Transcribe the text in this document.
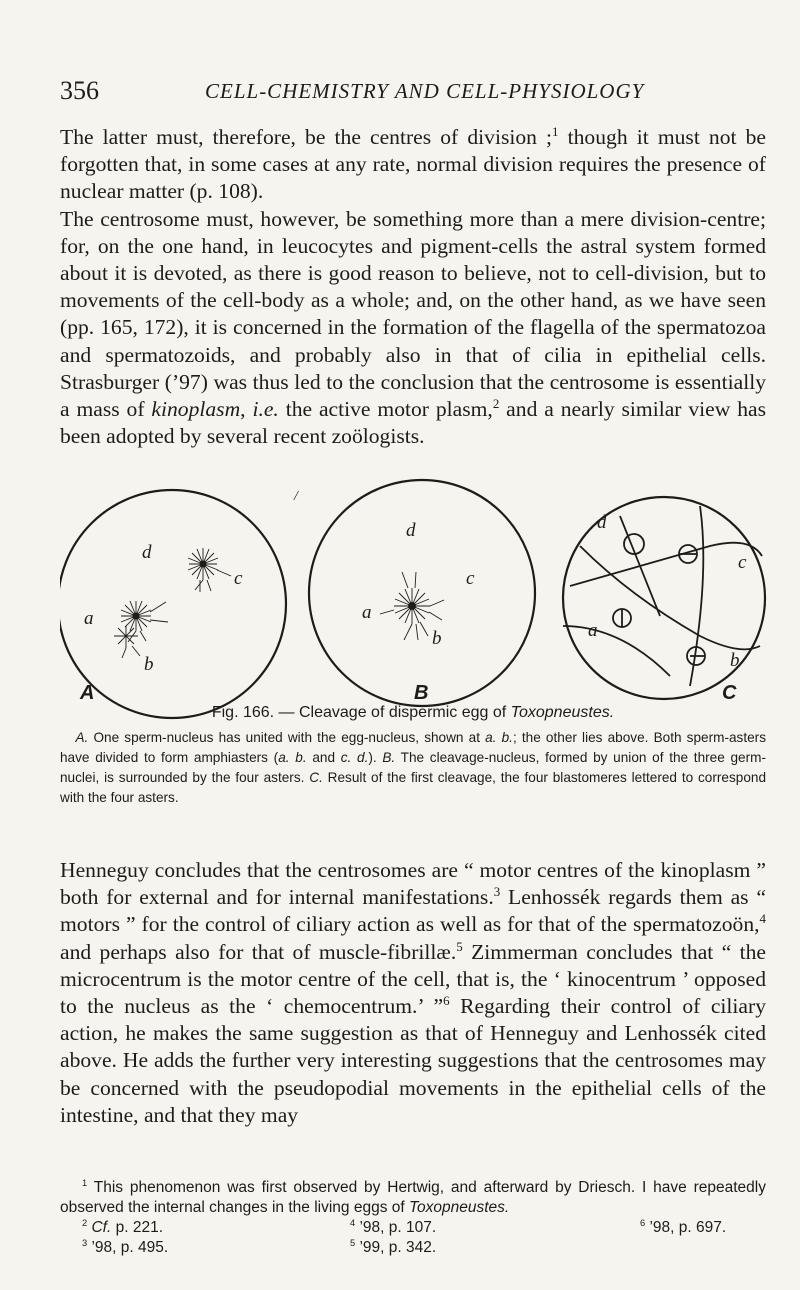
356	CELL-CHEMISTRY AND CELL-PHYSIOLOGY

The latter must, therefore, be the centres of division ;$^1$ though it must not be forgotten that, in some cases at any rate, normal division requires the presence of nuclear matter (p. 108).
The centrosome must, however, be something more than a mere division-centre; for, on the one hand, in leucocytes and pigment-cells the astral system formed about it is devoted, as there is good reason to believe, not to cell-division, but to movements of the cell-body as a whole; and, on the other hand, as we have seen (pp. 165, 172), it is concerned in the formation of the flagella of the spermatozoa and spermatozoids, and probably also in that of cilia in epithelial cells. Strasburger (’97) was thus led to the conclusion that the centrosome is essentially a mass of kinoplasm, i.e. the active motor plasm,$^2$ and a nearly similar view has been adopted by several recent zoölogists.

d
c
a
b
d
c
a
b
d
c
a
b
/
A	B	C
Fig. 166. — Cleavage of dispermic egg of Toxopneustes.

A. One sperm-nucleus has united with the egg-nucleus, shown at a. b.; the other lies above. Both sperm-asters have divided to form amphiasters (a. b. and c. d.). B. The cleavage-nucleus, formed by union of the three germ-nuclei, is surrounded by the four asters. C. Result of the first cleavage, the four blastomeres lettered to correspond with the four asters.

Henneguy concludes that the centrosomes are “ motor centres of the kinoplasm ” both for external and for internal manifestations.$^3$ Lenhossék regards them as “ motors ” for the control of ciliary action as well as for that of the spermatozoön,$^4$ and perhaps also for that of muscle-fibrillæ.$^5$ Zimmerman concludes that “ the microcentrum is the motor centre of the cell, that is, the ‘ kinocentrum ’ opposed to the nucleus as the ‘ chemocentrum.’ ”$^6$ Regarding their control of ciliary action, he makes the same suggestion as that of Henneguy and Lenhossék cited above. He adds the further very interesting suggestions that the centrosomes may be concerned with the pseudopodial movements in the epithelial cells of the intestine, and that they may

$^1$ This phenomenon was first observed by Hertwig, and afterward by Driesch. I have repeatedly observed the internal changes in the living eggs of Toxopneustes.
$^2$ Cf. p. 221.	$^4$ ’98, p. 107.	$^6$ ’98, p. 697.
$^3$ ’98, p. 495.	$^5$ ’99, p. 342.
